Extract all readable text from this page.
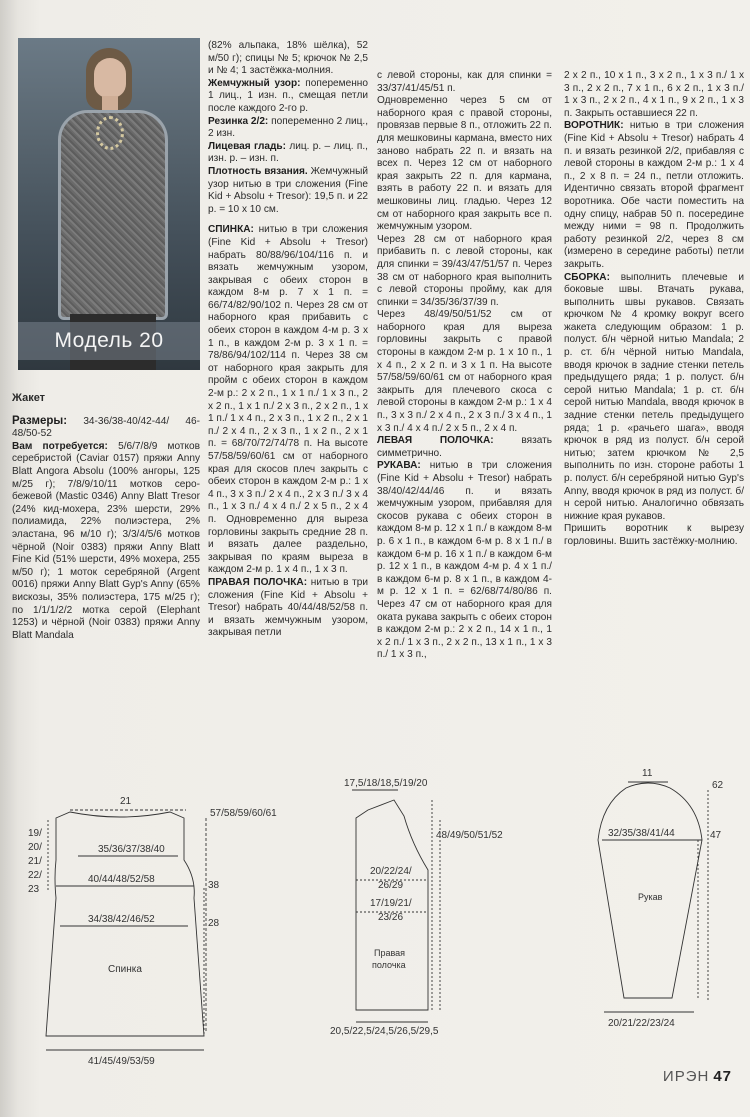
Модель 20

Жакет

Размеры: 34-36/38-40/42-44/ 46-48/50-52

Вам потребуется: 5/6/7/8/9 мотков серебристой (Caviar 0157) пряжи Anny Blatt Angora Absolu (100% ангоры, 125 м/25 г); 7/8/9/10/11 мотков серо-бежевой (Mastic 0346) Anny Blatt Tresor (24% кид-мохера, 23% шерсти, 29% полиамида, 22% полиэстера, 2% эластана, 96 м/10 г); 3/3/4/5/6 мотков чёрной (Noir 0383) пряжи Anny Blatt Fine Kid (51% шерсти, 49% мохера, 255 м/50 г); 1 моток серебряной (Argent 0016) пряжи Anny Blatt Gyp's Anny (65% вискозы, 35% полиэстера, 175 м/25 г); по 1/1/1/2/2 мотка серой (Elephant 1253) и чёрной (Noir 0383) пряжи Anny Blatt Mandala

(82% альпака, 18% шёлка), 52 м/50 г); спицы № 5; крючок № 2,5 и № 4; 1 застёжка-молния.

Жемчужный узор: попеременно 1 лиц., 1 изн. п., смещая петли после каждого 2-го р.

Резинка 2/2: попеременно 2 лиц., 2 изн.

Лицевая гладь: лиц. р. – лиц. п., изн. р. – изн. п.

Плотность вязания. Жемчужный узор нитью в три сложения (Fine Kid + Absolu + Tresor): 19,5 п. и 22 р. = 10 х 10 см.

СПИНКА: нитью в три сложения (Fine Kid + Absolu + Tresor) набрать 80/88/96/104/116 п. и вязать жемчужным узором, закрывая с обеих сторон в каждом 8-м р. 7 х 1 п. = 66/74/82/90/102 п. Через 28 см от наборного края прибавить с обеих сторон в каждом 4-м р. 3 х 1 п., в каждом 2-м р. 3 х 1 п. = 78/86/94/102/114 п. Через 38 см от наборного края закрыть для пройм с обеих сторон в каждом 2-м р.: 2 х 2 п., 1 х 1 п./ 1 х 3 п., 2 х 2 п., 1 х 1 п./ 2 х 3 п., 2 х 2 п., 1 х 1 п./ 1 х 4 п., 2 х 3 п., 1 х 2 п., 2 х 1 п./ 2 х 4 п., 2 х 3 п., 1 х 2 п., 2 х 1 п. = 68/70/72/74/78 п. На высоте 57/58/59/60/61 см от наборного края для скосов плеч закрыть с обеих сторон в каждом 2-м р.: 1 х 4 п., 3 х 3 п./ 2 х 4 п., 2 х 3 п./ 3 х 4 п., 1 х 3 п./ 4 х 4 п./ 2 х 5 п., 2 х 4 п. Одновременно для выреза горловины закрыть средние 28 п. и вязать далее раздельно, закрывая по краям выреза в каждом 2-м р. 1 х 4 п., 1 х 3 п.

ПРАВАЯ ПОЛОЧКА: нитью в три сложения (Fine Kid + Absolu + Tresor) набрать 40/44/48/52/58 п. и вязать жемчужным узором, закрывая петли

с левой стороны, как для спинки = 33/37/41/45/51 п.

Одновременно через 5 см от наборного края с правой стороны, провязав первые 8 п., отложить 22 п. для мешковины кармана, вместо них заново набрать 22 п. и вязать на всех п. Через 12 см от наборного края закрыть 22 п. для кармана, взять в работу 22 п. и вязать для мешковины лиц. гладью. Через 12 см от наборного края закрыть все п. жемчужным узором.

Через 28 см от наборного края прибавить п. с левой стороны, как для спинки = 39/43/47/51/57 п. Через 38 см от наборного края выполнить с левой стороны пройму, как для спинки = 34/35/36/37/39 п.

Через 48/49/50/51/52 см от наборного края для выреза горловины закрыть с правой стороны в каждом 2-м р. 1 х 10 п., 1 х 4 п., 2 х 2 п. и 3 х 1 п. На высоте 57/58/59/60/61 см от наборного края закрыть для плечевого скоса с левой стороны в каждом 2-м р.: 1 х 4 п., 3 х 3 п./ 2 х 4 п., 2 х 3 п./ 3 х 4 п., 1 х 3 п./ 4 х 4 п./ 2 х 5 п., 2 х 4 п.

ЛЕВАЯ ПОЛОЧКА:	вязать симметрично.

РУКАВА: нитью в три сложения (Fine Kid + Absolu + Tresor) набрать 38/40/42/44/46 п. и вязать жемчужным узором, прибавляя для скосов рукава с обеих сторон в каждом 8-м р. 12 х 1 п./ в каждом 8-м р. 6 х 1 п., в каждом 6-м р. 8 х 1 п./ в каждом 6-м р. 16 х 1 п./ в каждом 6-м р. 12 х 1 п., в каждом 4-м р. 4 х 1 п./ в каждом 6-м р. 8 х 1 п., в каждом 4-м р. 12 х 1 п. = 62/68/74/80/86 п. Через 47 см от наборного края для оката рукава закрыть с обеих сторон в каждом 2-м р.: 2 х 2 п., 14 х 1 п., 1 х 2 п./ 1 х 3 п., 2 х 2 п., 13 х 1 п., 1 х 3 п./ 1 х 3 п.,

2 х 2 п., 10 х 1 п., 3 х 2 п., 1 х 3 п./ 1 х 3 п., 2 х 2 п., 7 х 1 п., 6 х 2 п., 1 х 3 п./ 1 х 3 п., 2 х 2 п., 4 х 1 п., 9 х 2 п., 1 х 3 п. Закрыть оставшиеся 22 п.

ВОРОТНИК: нитью в три сложения (Fine Kid + Absolu + Tresor) набрать 4 п. и вязать резинкой 2/2, прибавляя с левой стороны в каждом 2-м р.: 1 х 4 п., 2 х 8 п. = 24 п., петли отложить. Идентично связать второй фрагмент воротника. Обе части поместить на одну спицу, набрав 50 п. посередине между ними = 98 п. Продолжить работу резинкой 2/2, через 8 см (измерено в середине работы) петли закрыть.

СБОРКА: выполнить плечевые и боковые швы. Втачать рукава, выполнить швы рукавов. Связать крючком № 4 кромку вокруг всего жакета следующим образом: 1 р. полуст. б/н чёрной нитью Mandala; 2 р. ст. б/н чёрной нитью Mandala, вводя крючок в задние стенки петель предыдущего ряда; 1 р. полуст. б/н серой нитью Mandala; 1 р. ст. б/н серой нитью Mandala, вводя крючок в задние стенки петель предыдущего ряда; 1 р. «рачьего шага», вводя крючок в ряд из полуст. б/н серой нитью; затем крючком № 2,5 выполнить по изн. стороне работы 1 р. полуст. б/н серебряной нитью Gyp's Anny, вводя крючок в ряд из полуст. б/н серой нитью. Аналогично обвязать нижние края рукавов.

Пришить воротник к вырезу горловины. Вшить застёжку-молнию.

21
35/36/37/38/40
40/44/48/52/58
34/38/42/46/52
Спинка
41/45/49/53/59
57/58/59/60/61
38
28
19/
20/
21/
22/
23
17,5/18/18,5/19/20
48/49/50/51/52
20/22/24/
26/29
17/19/21/
23/26
Правая
полочка
20,5/22,5/24,5/26,5/29,5
11
32/35/38/41/44
Рукав
20/21/22/23/24
62
47
ИРЭН 47
